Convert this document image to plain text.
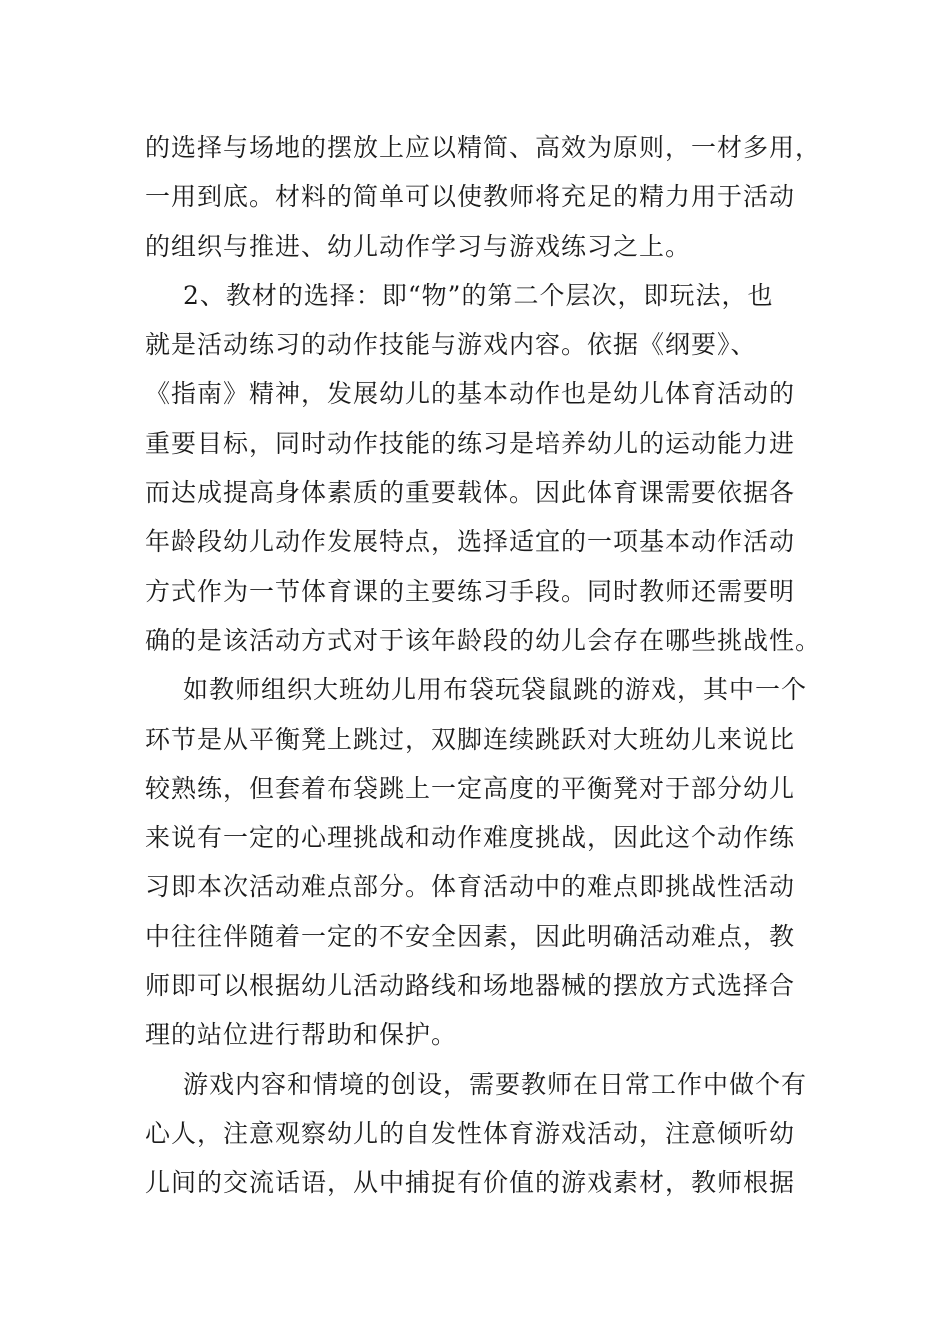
的选择与场地的摆放上应以精简、高效为原则，一材多用，
一用到底。材料的简单可以使教师将充足的精力用于活动
的组织与推进、幼儿动作学习与游戏练习之上。
2、教材的选择：即“物”的第二个层次，即玩法，也
就是活动练习的动作技能与游戏内容。依据《纲要》、
《指南》精神，发展幼儿的基本动作也是幼儿体育活动的
重要目标，同时动作技能的练习是培养幼儿的运动能力进
而达成提高身体素质的重要载体。因此体育课需要依据各
年龄段幼儿动作发展特点，选择适宜的一项基本动作活动
方式作为一节体育课的主要练习手段。同时教师还需要明
确的是该活动方式对于该年龄段的幼儿会存在哪些挑战性。
如教师组织大班幼儿用布袋玩袋鼠跳的游戏，其中一个
环节是从平衡凳上跳过，双脚连续跳跃对大班幼儿来说比
较熟练，但套着布袋跳上一定高度的平衡凳对于部分幼儿
来说有一定的心理挑战和动作难度挑战，因此这个动作练
习即本次活动难点部分。体育活动中的难点即挑战性活动
中往往伴随着一定的不安全因素，因此明确活动难点，教
师即可以根据幼儿活动路线和场地器械的摆放方式选择合
理的站位进行帮助和保护。
游戏内容和情境的创设，需要教师在日常工作中做个有
心人，注意观察幼儿的自发性体育游戏活动，注意倾听幼
儿间的交流话语，从中捕捉有价值的游戏素材，教师根据
